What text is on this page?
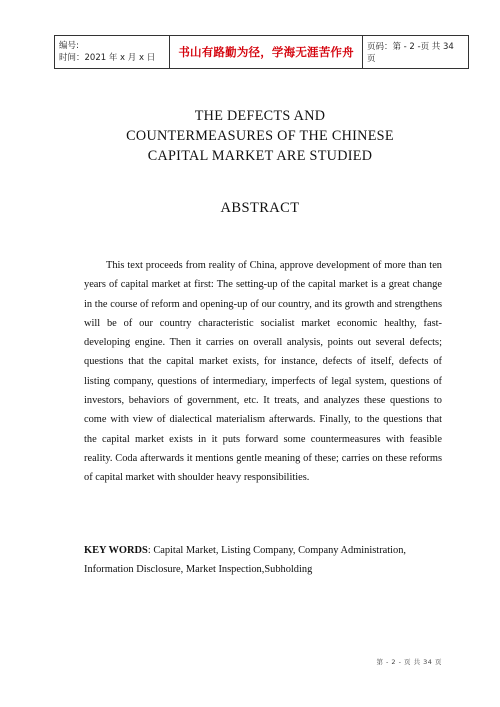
编号:
时间：2021 年 x 月 x 日	书山有路勤为径，学海无涯苦作舟	页码：第 - 2 -页 共 34 页
THE DEFECTS AND
COUNTERMEASURES OF THE CHINESE
CAPITAL MARKET ARE STUDIED
ABSTRACT

This text proceeds from reality of China, approve development of more than ten years of capital market at first: The setting-up of the capital market is a great change in the course of reform and opening-up of our country, and its growth and strengthens will be of our country characteristic socialist market economic healthy, fast-developing engine. Then it carries on overall analysis, points out several defects; questions that the capital market exists, for instance, defects of itself, defects of listing company, questions of intermediary, imperfects of legal system, questions of investors, behaviors of government, etc. It treats, and analyzes these questions to come with view of dialectical materialism afterwards. Finally, to the questions that the capital market exists in it puts forward some countermeasures with feasible reality. Coda afterwards it mentions gentle meaning of these; carries on these reforms of capital market with shoulder heavy responsibilities.

KEY WORDS: Capital Market, Listing Company, Company Administration, Information Disclosure, Market Inspection,Subholding

第 - 2 - 页 共 34 页
